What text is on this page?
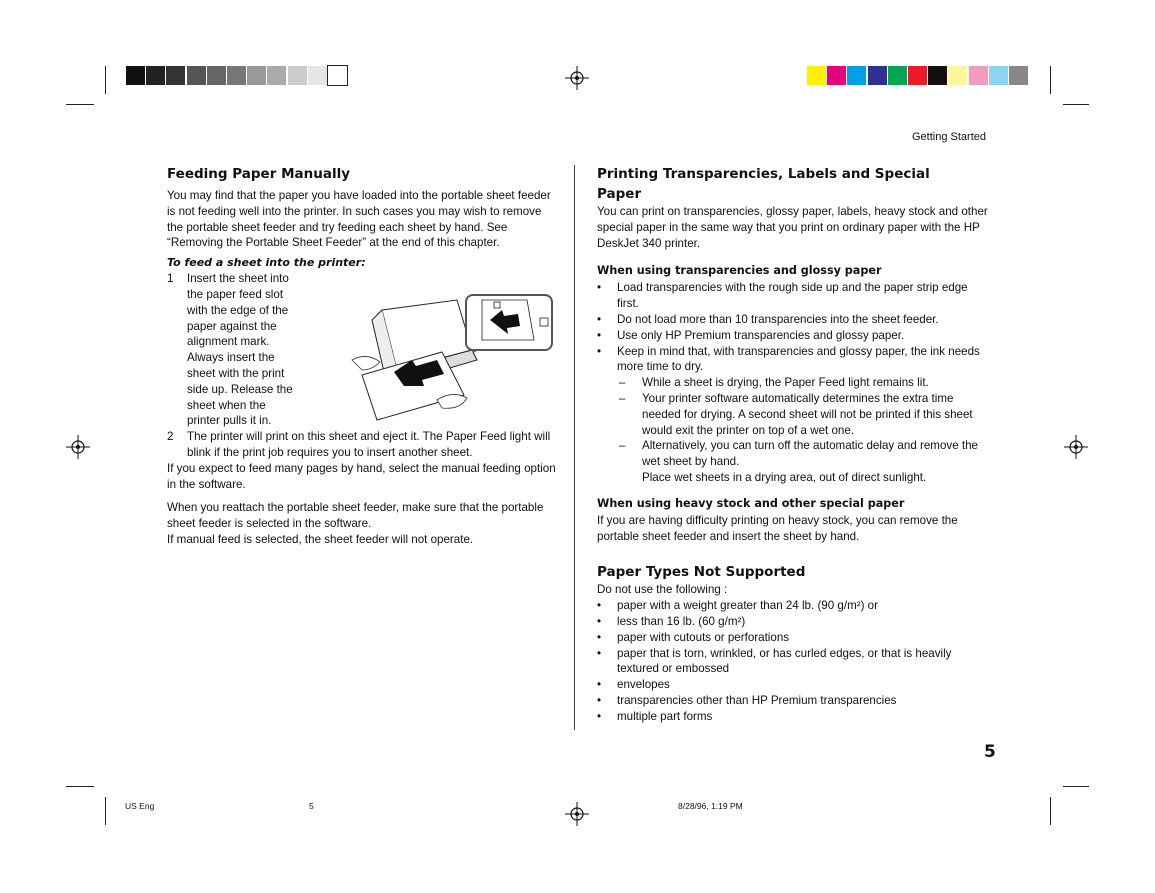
Getting Started
Feeding Paper Manually
You may find that the paper you have loaded into the portable sheet feeder is not feeding well into the printer. In such cases you may wish to remove the portable sheet feeder and try feeding each sheet by hand. See “Removing the Portable Sheet Feeder” at the end of this chapter.
To feed a sheet into the printer:
1 Insert the sheet into
the paper feed slot
with the edge of the
paper against the
alignment mark.
Always insert the
sheet with the print
side up. Release the
sheet when the
printer pulls it in.
2 The printer will print on this sheet and eject it. The Paper Feed light will blink if the print job requires you to insert another sheet.
If you expect to feed many pages by hand, select the manual feeding option in the software.
When you reattach the portable sheet feeder, make sure that the portable sheet feeder is selected in the software.
If manual feed is selected, the sheet feeder will not operate.
Printing Transparencies, Labels and Special
Paper
You can print on transparencies, glossy paper, labels, heavy stock and other special paper in the same way that you print on ordinary paper with the HP DeskJet 340 printer.
When using transparencies and glossy paper
• Load transparencies with the rough side up and the paper strip edge first.
• Do not load more than 10 transparencies into the sheet feeder.
• Use only HP Premium transparencies and glossy paper.
• Keep in mind that, with transparencies and glossy paper, the ink needs more time to dry.
– While a sheet is drying, the Paper Feed light remains lit.
– Your printer software automatically determines the extra time needed for drying. A second sheet will not be printed if this sheet would exit the printer on top of a wet one.
– Alternatively, you can turn off the automatic delay and remove the wet sheet by hand.
Place wet sheets in a drying area, out of direct sunlight.
When using heavy stock and other special paper
If you are having difficulty printing on heavy stock, you can remove the portable sheet feeder and insert the sheet by hand.
Paper Types Not Supported
Do not use the following :
• paper with a weight greater than 24 lb. (90 g/m²) or
• less than 16 lb. (60 g/m²)
• paper with cutouts or perforations
• paper that is torn, wrinkled, or has curled edges, or that is heavily textured or embossed
• envelopes
• transparencies other than HP Premium transparencies
• multiple part forms
5
US Eng	5	8/28/96, 1:19 PM
